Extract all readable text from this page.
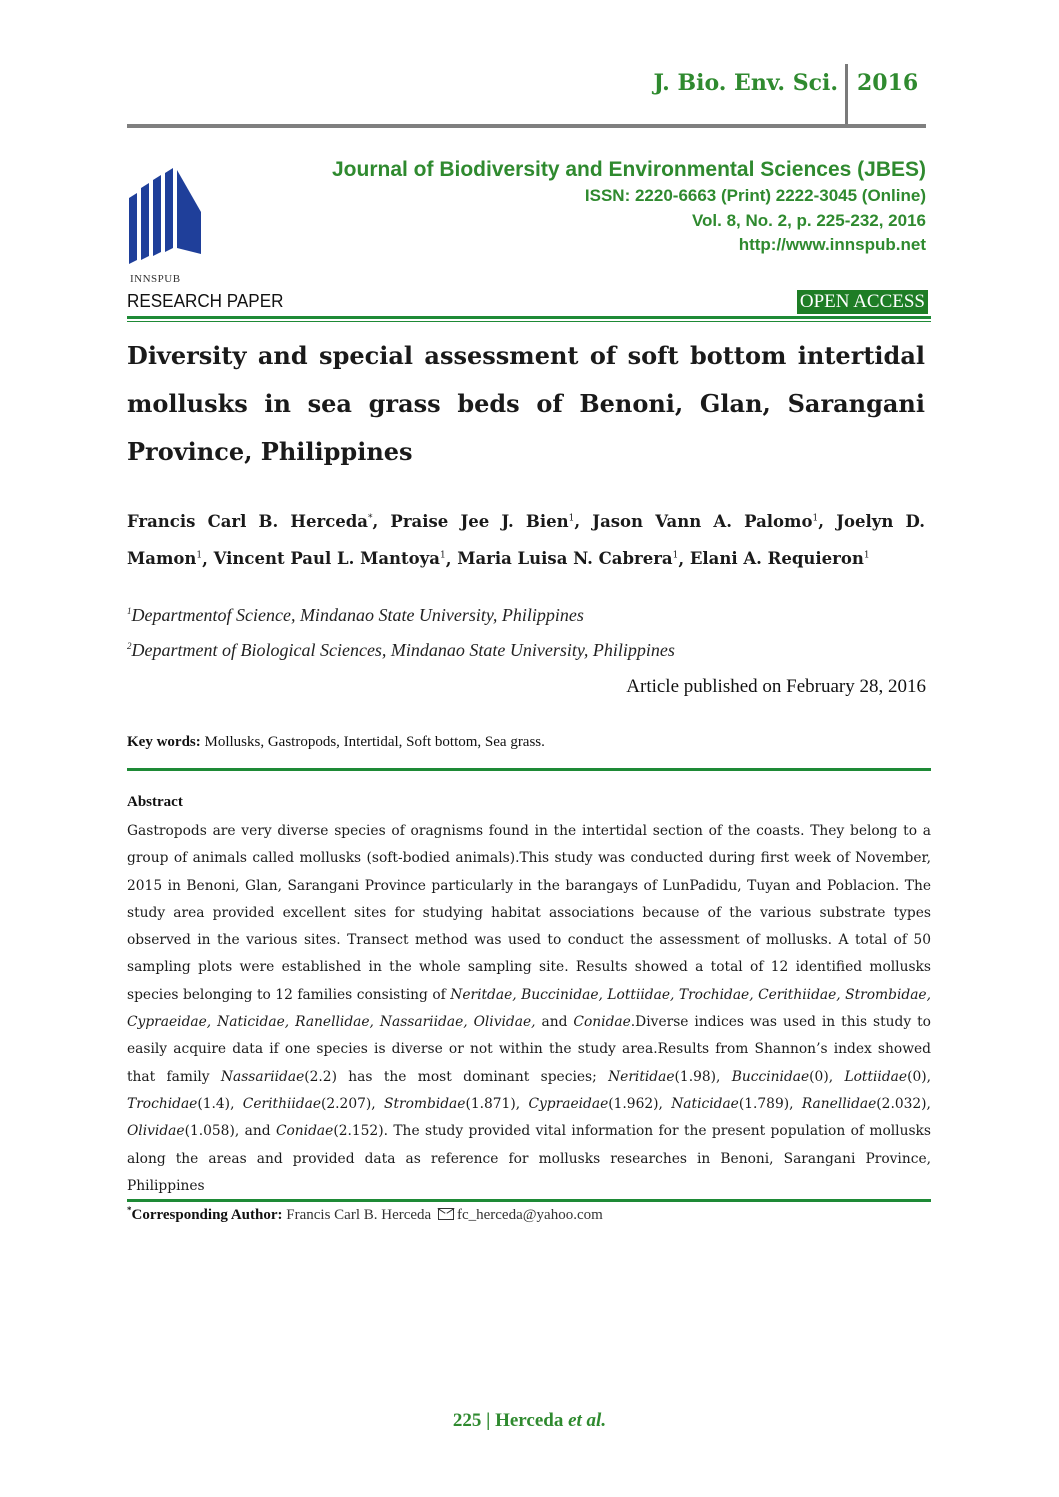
J. Bio. Env. Sci. 2016
INNSPUB
Journal of Biodiversity and Environmental Sciences (JBES)
ISSN: 2220-6663 (Print) 2222-3045 (Online)
Vol. 8, No. 2, p. 225-232, 2016
http://www.innspub.net
RESEARCH PAPER	OPEN ACCESS
Diversity and special assessment of soft bottom intertidal mollusks in sea grass beds of Benoni, Glan, Sarangani Province, Philippines
Francis Carl B. Herceda*, Praise Jee J. Bien$^1$, Jason Vann A. Palomo$^1$, Joelyn D. Mamon$^1$, Vincent Paul L. Mantoya$^1$, Maria Luisa N. Cabrera$^1$, Elani A. Requieron$^1$
$^1$Departmentof Science, Mindanao State University, Philippines
$^2$Department of Biological Sciences, Mindanao State University, Philippines
Article published on February 28, 2016
Key words: Mollusks, Gastropods, Intertidal, Soft bottom, Sea grass.
Abstract
Gastropods are very diverse species of oragnisms found in the intertidal section of the coasts. They belong to a group of animals called mollusks (soft-bodied animals).This study was conducted during first week of November, 2015 in Benoni, Glan, Sarangani Province particularly in the barangays of LunPadidu, Tuyan and Poblacion. The study area provided excellent sites for studying habitat associations because of the various substrate types observed in the various sites. Transect method was used to conduct the assessment of mollusks. A total of 50 sampling plots were established in the whole sampling site. Results showed a total of 12 identified mollusks species belonging to 12 families consisting of Neritdae, Buccinidae, Lottiidae, Trochidae, Cerithiidae, Strombidae, Cypraeidae, Naticidae, Ranellidae, Nassariidae, Olividae, and Conidae.Diverse indices was used in this study to easily acquire data if one species is diverse or not within the study area.Results from Shannon’s index showed that family Nassariidae(2.2) has the most dominant species; Neritidae(1.98), Buccinidae(0), Lottiidae(0), Trochidae(1.4), Cerithiidae(2.207), Strombidae(1.871), Cypraeidae(1.962), Naticidae(1.789), Ranellidae(2.032), Olividae(1.058), and Conidae(2.152). The study provided vital information for the present population of mollusks along the areas and provided data as reference for mollusks researches in Benoni, Sarangani Province, Philippines
*Corresponding Author: Francis Carl B. Herceda fc_herceda@yahoo.com
225 | Herceda et al.
